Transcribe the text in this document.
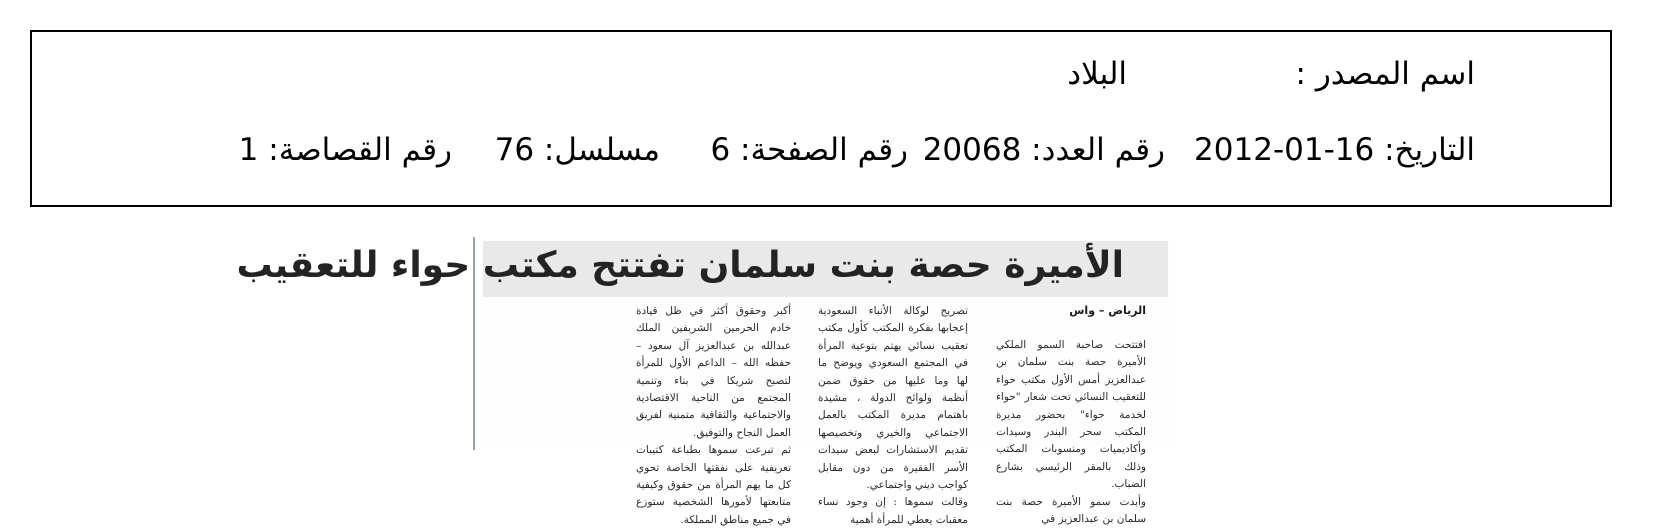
اسم المصدر :
البلاد
التاريخ: 16-01-2012
رقم العدد: 20068
رقم الصفحة: 6
مسلسل: 76
رقم القصاصة: 1
الأميرة حصة بنت سلمان تفتتح مكتب حواء للتعقيب

الرياض – واس

افتتحت صاحبة السمو الملكي الأميرة حصة بنت سلمان بن عبدالعزيز أمس الأول مكتب حواء للتعقيب النسائي تحت شعار "حواء لخدمة حواء" بحضور مديرة المكتب سحر البندر وسيدات وأكاديميات ومنسوبات المكتب وذلك بالمقر الرئيسي بشارع الضباب.

وأبدت سمو الأميرة حصة بنت سلمان بن عبدالعزيز في

تصريح لوكالة الأنباء السعودية إعجابها بفكرة المكتب كأول مكتب تعقيب نسائي يهتم بتوعية المرأة في المجتمع السعودي ويوضح ما لها وما عليها من حقوق ضمن أنظمة ولوائح الدولة ، مشيدة باهتمام مديرة المكتب بالعمل الاجتماعي والخيري وتخصيصها تقديم الاستشارات لبعض سيدات الأسر الفقيرة من دون مقابل كواجب ديني واجتماعي.

وقالت سموها : إن وجود نساء معقبات يعطي للمرأة أهمية

أكبر وحقوق أكثر في ظل قيادة خادم الحرمين الشريفين الملك عبدالله بن عبدالعزيز آل سعود –حفظه الله – الداعم الأول للمرأة لتصبح شريكا في بناء وتنمية المجتمع من الناحية الاقتصادية والاجتماعية والثقافية متمنية لفريق العمل النجاح والتوفيق.

ثم تبرعت سموها بطباعة كتيبات تعريفية على نفقتها الخاصة تحوي كل ما يهم المرأة من حقوق وكيفية متابعتها لأمورها الشخصية ستوزع في جميع مناطق المملكة.
